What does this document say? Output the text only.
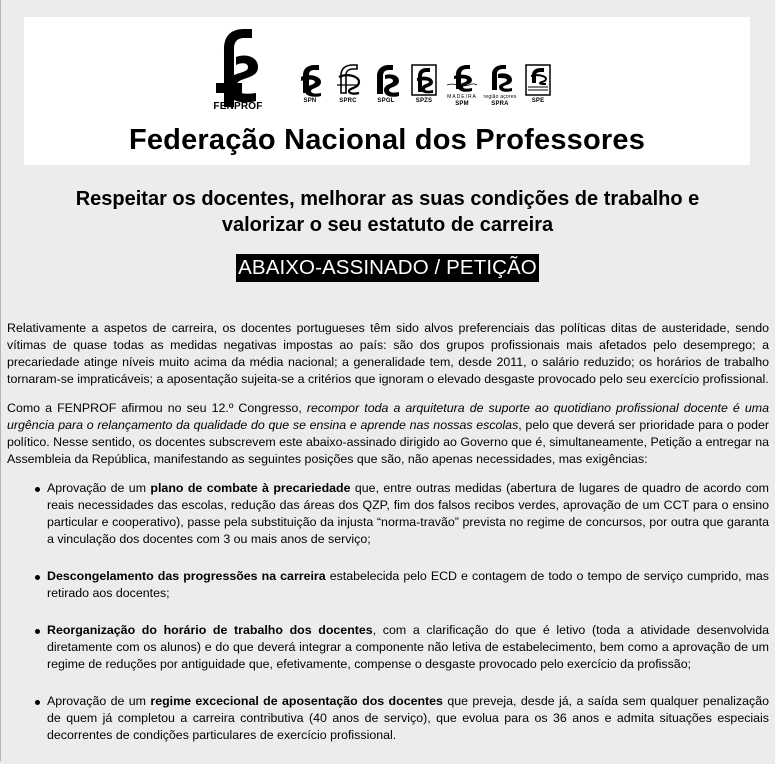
FENPROF	SPN	SPRC	SPGL	SPZS
MADEIRA
SPM
região açores
SPRA	SPE
Federação Nacional dos Professores
Respeitar os docentes, melhorar as suas condições de trabalho e
valorizar o seu estatuto de carreira
ABAIXO-ASSINADO / PETIÇÃO

Relativamente a aspetos de carreira, os docentes portugueses têm sido alvos preferenciais das políticas ditas de austeridade, sendo vítimas de quase todas as medidas negativas impostas ao país: são dos grupos profissionais mais afetados pelo desemprego; a precariedade atinge níveis muito acima da média nacional; a generalidade tem, desde 2011, o salário reduzido; os horários de trabalho tornaram-se impraticáveis; a aposentação sujeita-se a critérios que ignoram o elevado desgaste provocado pelo seu exercício profissional.

Como a FENPROF afirmou no seu 12.º Congresso, recompor toda a arquitetura de suporte ao quotidiano profissional docente é uma urgência para o relançamento da qualidade do que se ensina e aprende nas nossas escolas, pelo que deverá ser prioridade para o poder político. Nesse sentido, os docentes subscrevem este abaixo-assinado dirigido ao Governo que é, simultaneamente, Petição a entregar na Assembleia da República, manifestando as seguintes posições que são, não apenas necessidades, mas exigências:

Aprovação de um plano de combate à precariedade que, entre outras medidas (abertura de lugares de quadro de acordo com reais necessidades das escolas, redução das áreas dos QZP, fim dos falsos recibos verdes, aprovação de um CCT para o ensino particular e cooperativo), passe pela substituição da injusta “norma-travão” prevista no regime de concursos, por outra que garanta a vinculação dos docentes com 3 ou mais anos de serviço;
Descongelamento das progressões na carreira estabelecida pelo ECD e contagem de todo o tempo de serviço cumprido, mas retirado aos docentes;
Reorganização do horário de trabalho dos docentes, com a clarificação do que é letivo (toda a atividade desenvolvida diretamente com os alunos) e do que deverá integrar a componente não letiva de estabelecimento, bem como a aprovação de um regime de reduções por antiguidade que, efetivamente, compense o desgaste provocado pelo exercício da profissão;
Aprovação de um regime excecional de aposentação dos docentes que preveja, desde já, a saída sem qualquer penalização de quem já completou a carreira contributiva (40 anos de serviço), que evolua para os 36 anos e admita situações especiais decorrentes de condições particulares de exercício profissional.
